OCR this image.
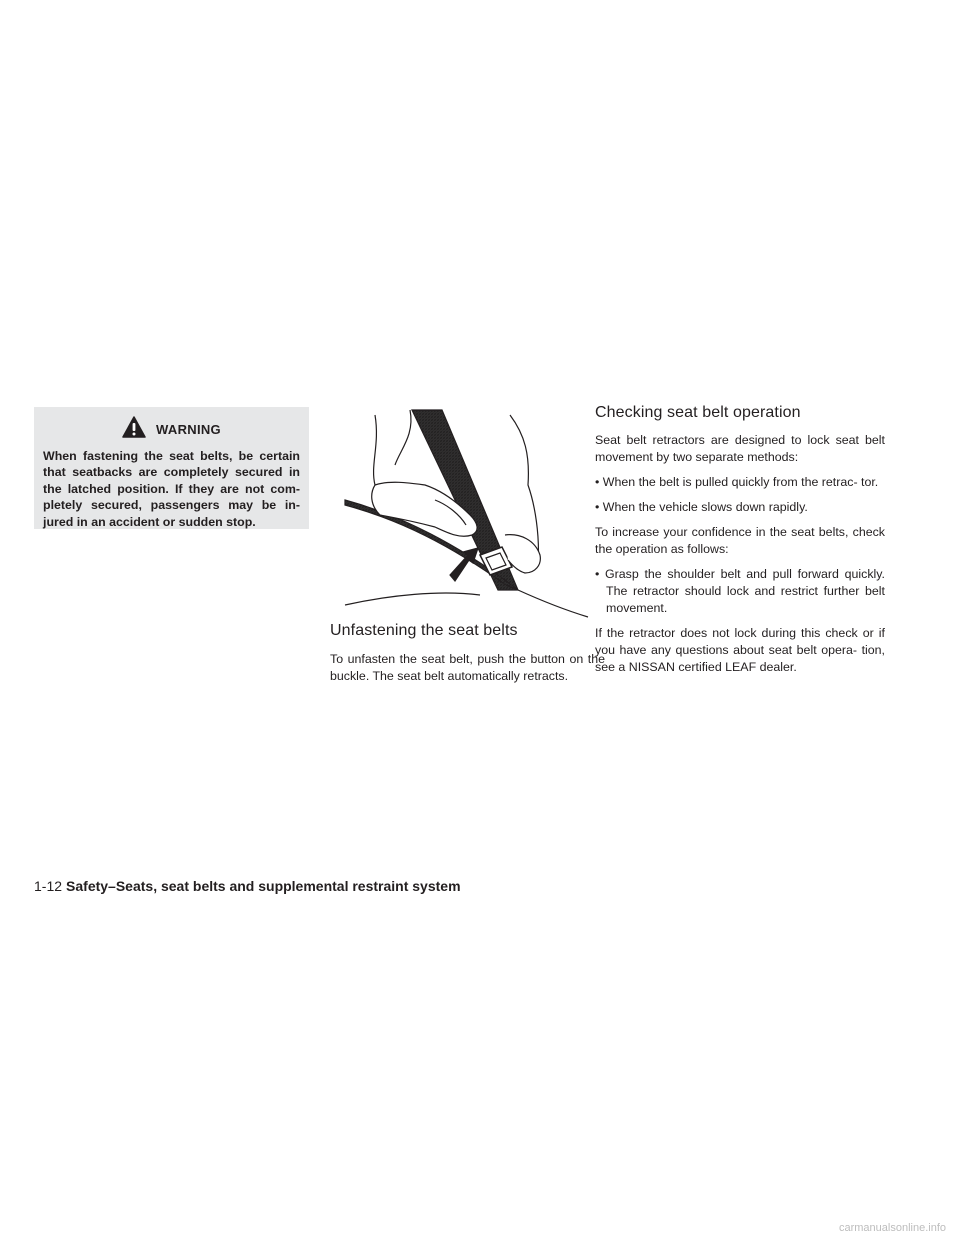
WARNING
When fastening the seat belts, be certain that seatbacks are completely secured in the latched position. If they are not com- pletely secured, passengers may be in- jured in an accident or sudden stop.
Unfastening the seat belts

To unfasten the seat belt, push the button on the buckle. The seat belt automatically retracts.

Checking seat belt operation

Seat belt retractors are designed to lock seat belt movement by two separate methods:

• When the belt is pulled quickly from the retrac- tor.

• When the vehicle slows down rapidly.

To increase your confidence in the seat belts, check the operation as follows:

• Grasp the shoulder belt and pull forward quickly. The retractor should lock and restrict further belt movement.

If the retractor does not lock during this check or if you have any questions about seat belt opera- tion, see a NISSAN certified LEAF dealer.

1-12 Safety–Seats, seat belts and supplemental restraint system
carmanualsonline.info
